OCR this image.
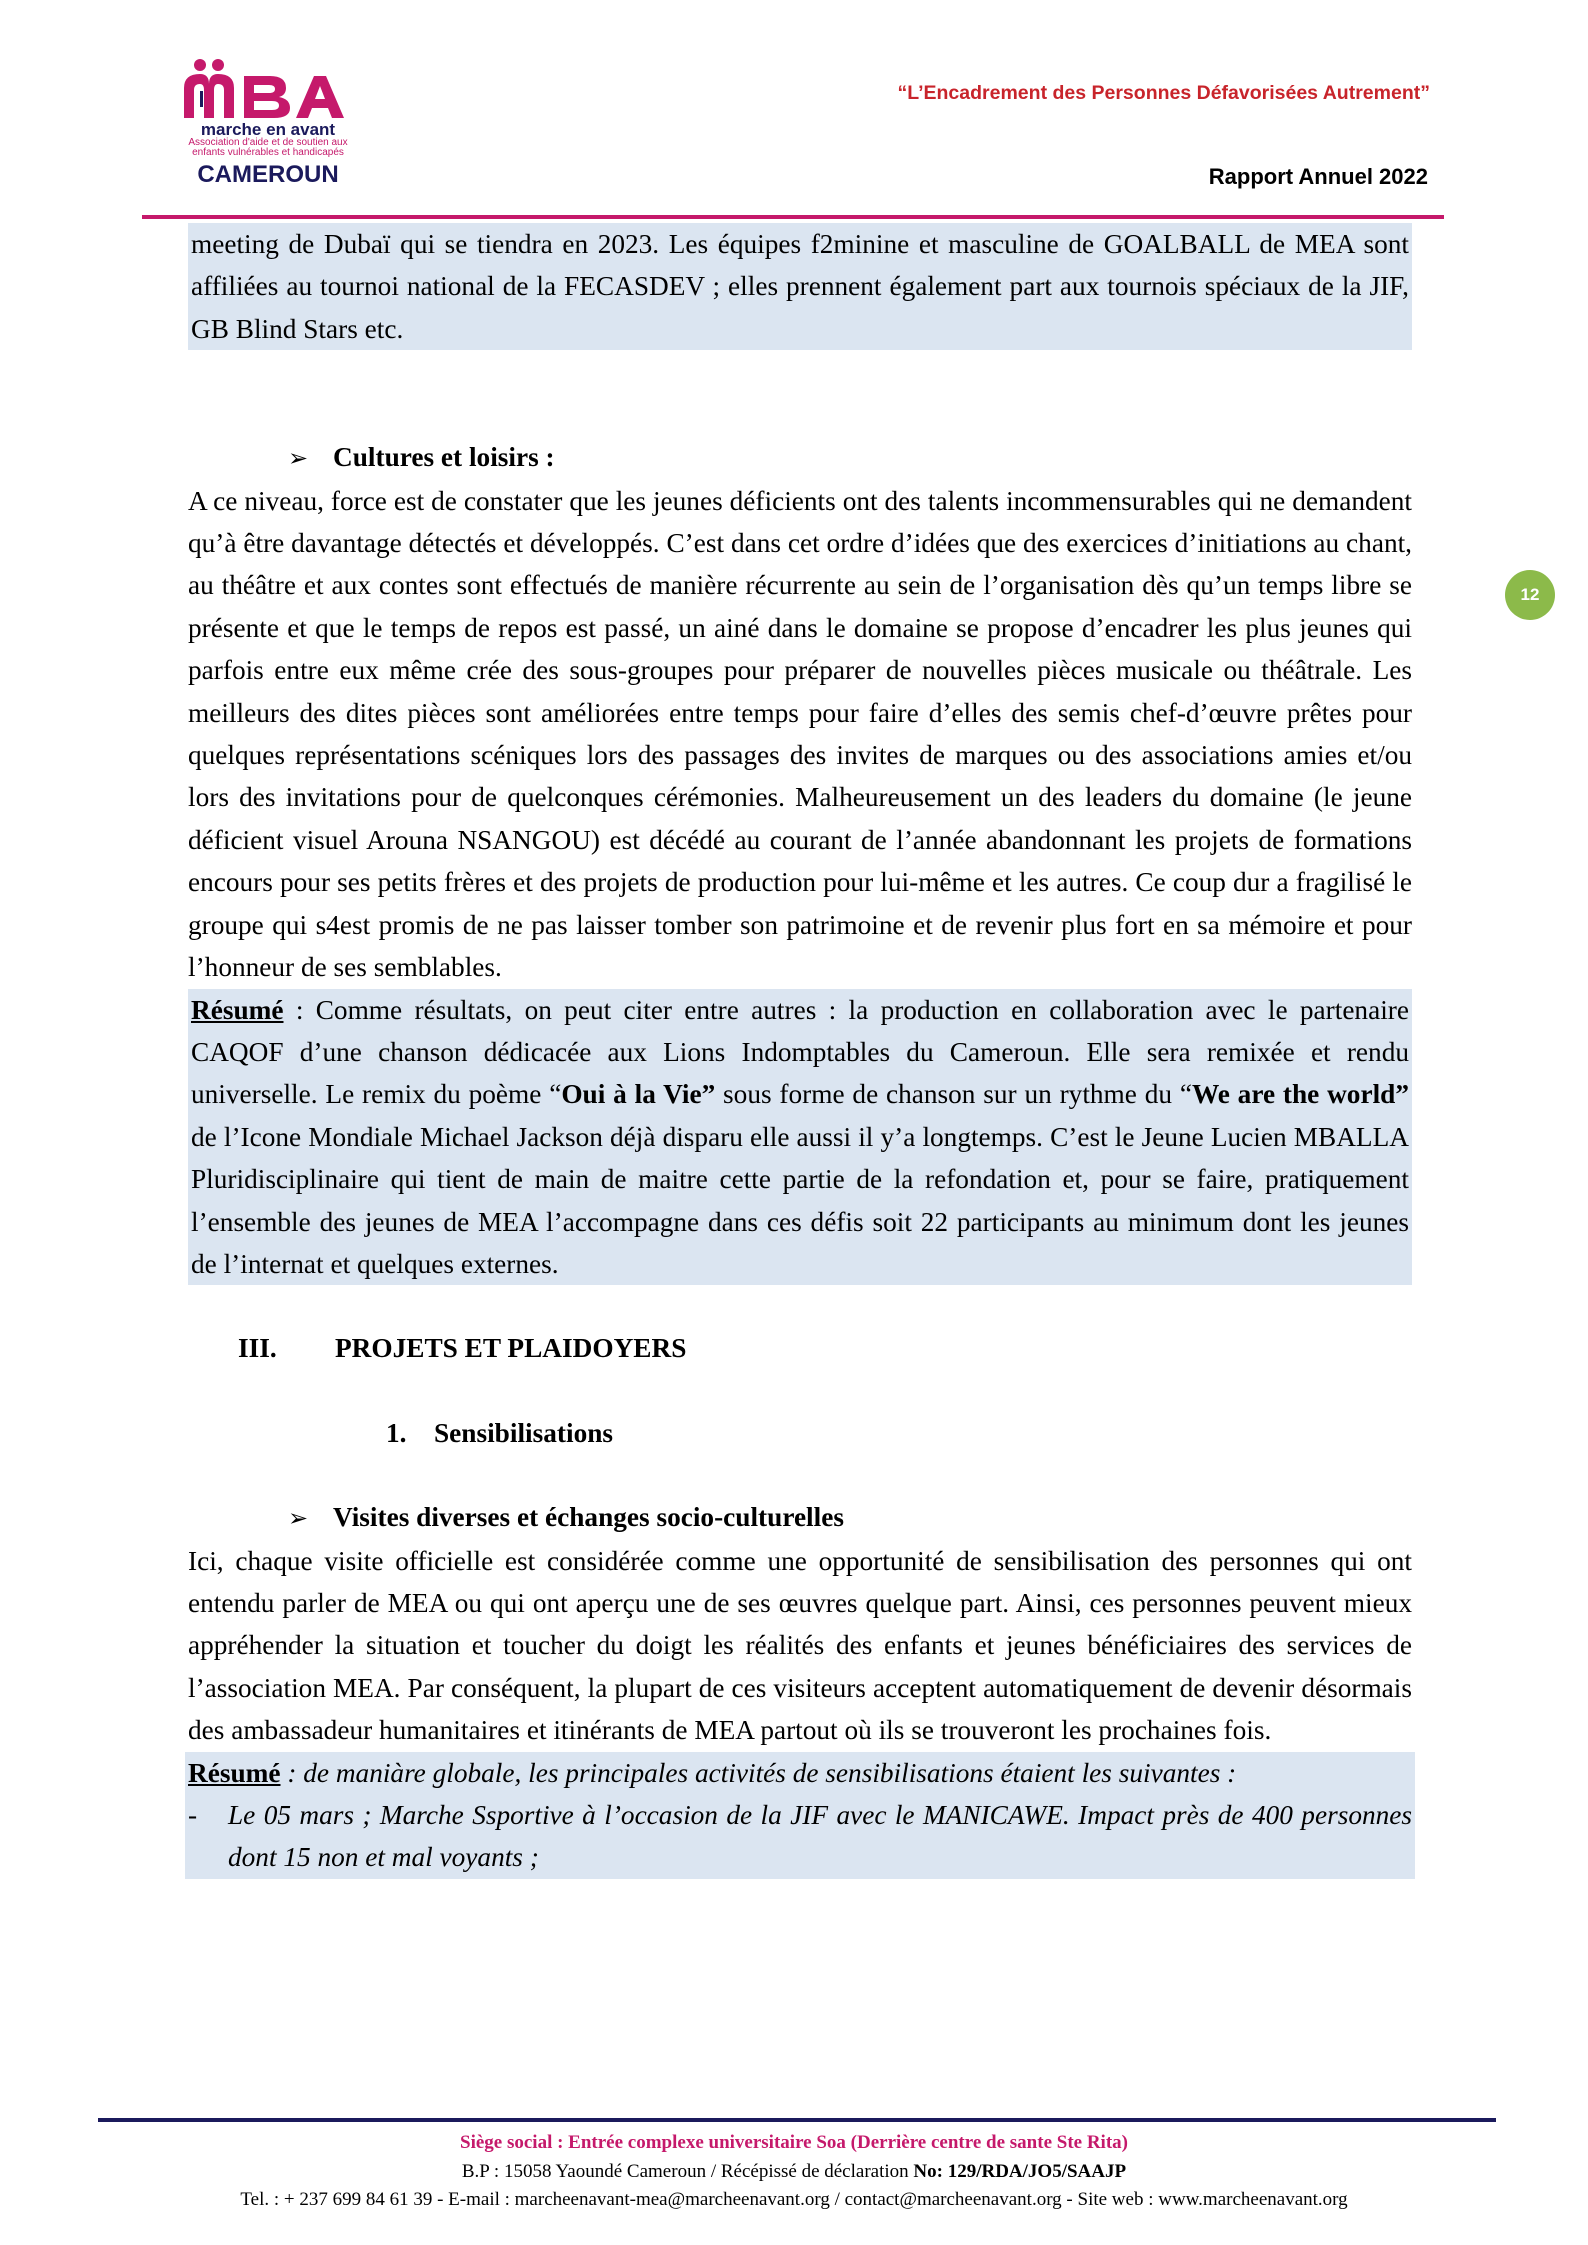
marche en avant
Association d'aide et de soutien aux enfants vulnérables et handicapés
CAMEROUN
“L’Encadrement des Personnes Défavorisées Autrement”
Rapport Annuel 2022
12

meeting de Dubaï qui se tiendra en 2023. Les équipes f2minine et masculine de GOALBALL de MEA sont affiliées au tournoi national de la FECASDEV ; elles prennent également part aux tournois spéciaux de la JIF, GB Blind Stars etc.

➢ Cultures et loisirs :

A ce niveau, force est de constater que les jeunes déficients ont des talents incommensurables qui ne demandent qu’à être davantage détectés et développés. C’est dans cet ordre d’idées que des exercices d’initiations au chant, au théâtre et aux contes sont effectués de manière récurrente au sein de l’organisation dès qu’un temps libre se présente et que le temps de repos est passé, un ainé dans le domaine se propose d’encadrer les plus jeunes qui parfois entre eux même crée des sous-groupes pour préparer de nouvelles pièces musicale ou théâtrale. Les meilleurs des dites pièces sont améliorées entre temps pour faire d’elles des semis chef-d’œuvre prêtes pour quelques représentations scéniques lors des passages des invites de marques ou des associations amies et/ou lors des invitations pour de quelconques cérémonies. Malheureusement un des leaders du domaine (le jeune déficient visuel Arouna NSANGOU) est décédé au courant de l’année abandonnant les projets de formations encours pour ses petits frères et des projets de production pour lui-même et les autres. Ce coup dur a fragilisé le groupe qui s4est promis de ne pas laisser tomber son patrimoine et de revenir plus fort en sa mémoire et pour l’honneur de ses semblables.

Résumé : Comme résultats, on peut citer entre autres : la production en collaboration avec le partenaire CAQOF d’une chanson dédicacée aux Lions Indomptables du Cameroun. Elle sera remixée et rendu universelle. Le remix du poème “Oui à la Vie” sous forme de chanson sur un rythme du “We are the world” de l’Icone Mondiale Michael Jackson déjà disparu elle aussi il y’a longtemps. C’est le Jeune Lucien MBALLA Pluridisciplinaire qui tient de main de maitre cette partie de la refondation et, pour se faire, pratiquement l’ensemble des jeunes de MEA l’accompagne dans ces défis soit 22 participants au minimum dont les jeunes de l’internat et quelques externes.

III. PROJETS ET PLAIDOYERS

1. Sensibilisations

➢ Visites diverses et échanges socio-culturelles

Ici, chaque visite officielle est considérée comme une opportunité de sensibilisation des personnes qui ont entendu parler de MEA ou qui ont aperçu une de ses œuvres quelque part. Ainsi, ces personnes peuvent mieux appréhender la situation et toucher du doigt les réalités des enfants et jeunes bénéficiaires des services de l’association MEA. Par conséquent, la plupart de ces visiteurs acceptent automatiquement de devenir désormais des ambassadeur humanitaires et itinérants de MEA partout où ils se trouveront les prochaines fois.

Résumé : de maniàre globale, les principales activités de sensibilisations étaient les suivantes :

-	Le 05 mars ; Marche Ssportive à l’occasion de la JIF avec le MANICAWE. Impact près de 400 personnes dont 15 non et mal voyants ;
Siège social : Entrée complexe universitaire Soa (Derrière centre de sante Ste Rita)
B.P : 15058 Yaoundé Cameroun / Récépissé de déclaration No: 129/RDA/JO5/SAAJP
Tel. : + 237 699 84 61 39 - E-mail : marcheenavant-mea@marcheenavant.org / contact@marcheenavant.org - Site web : www.marcheenavant.org
